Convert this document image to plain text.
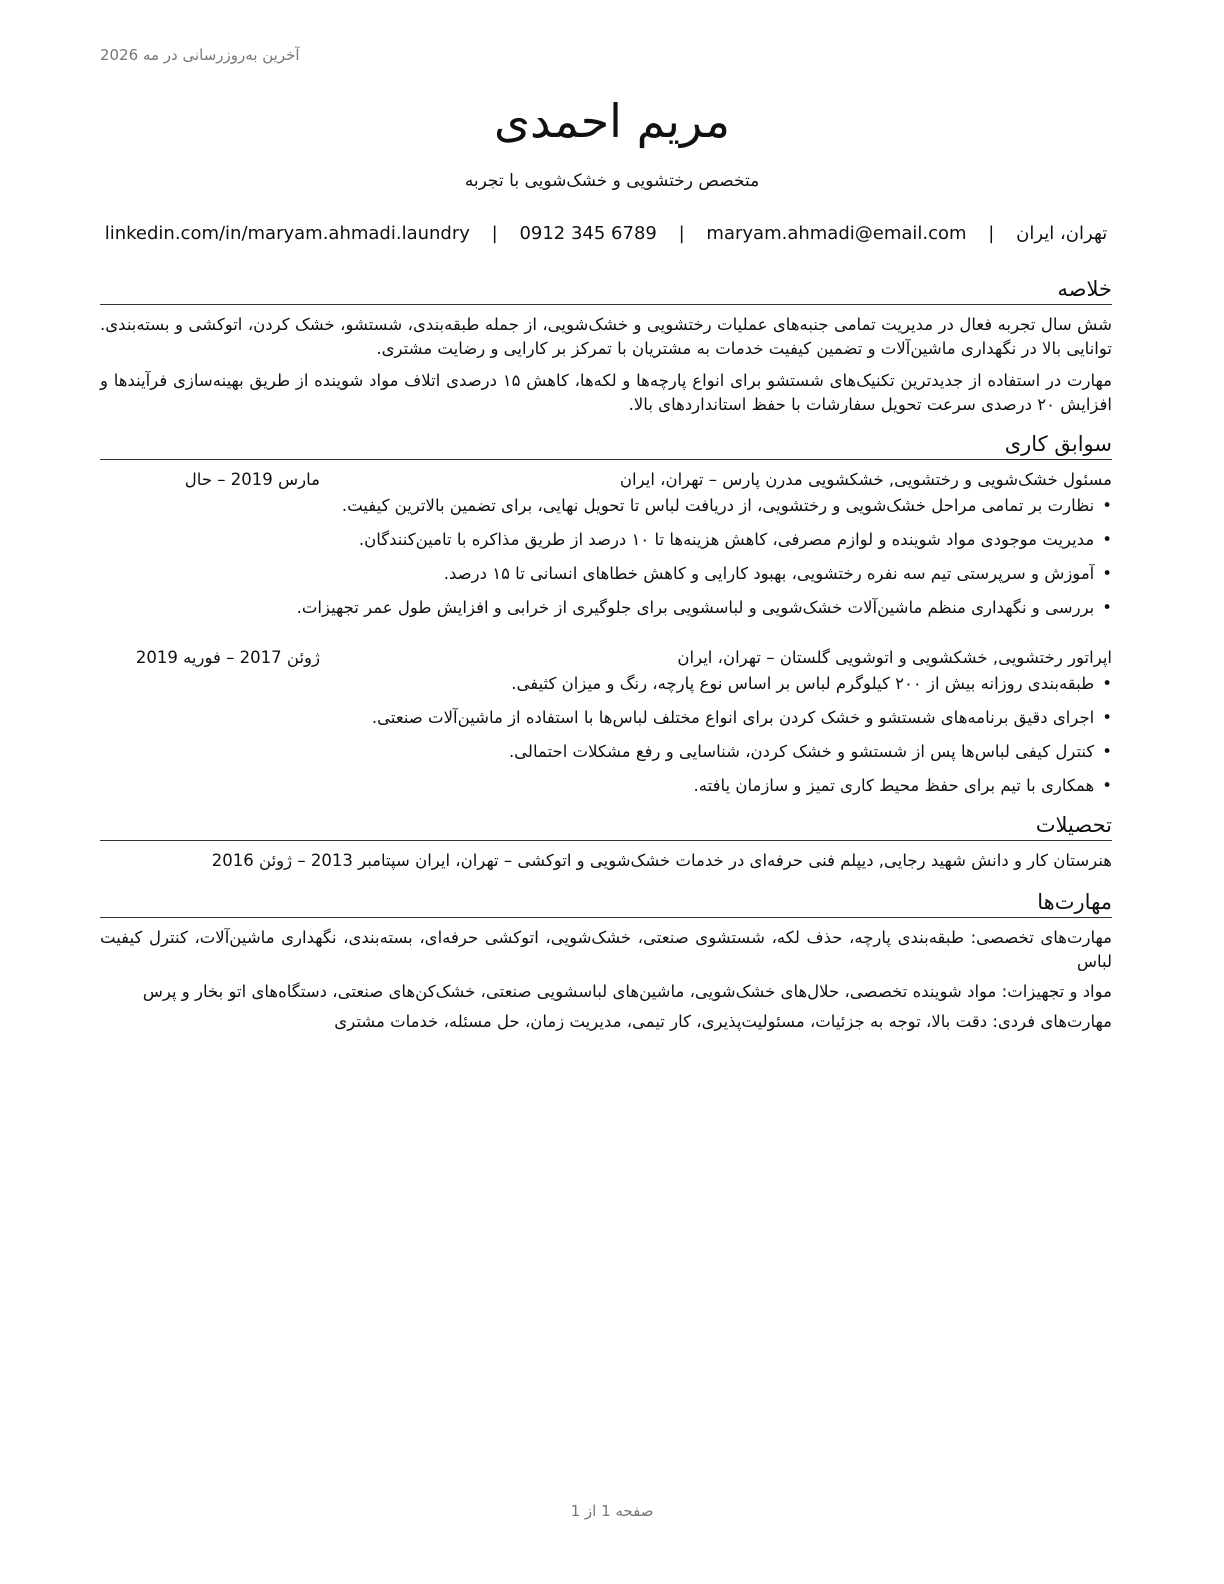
آخرین به‌روزرسانی در مه 2026
مریم احمدی
متخصص رختشویی و خشک‌شویی با تجربه
تهران، ایران | maryam.ahmadi@email.com | 0912 345 6789 | linkedin.com/in/maryam.ahmadi.laundry
خلاصه

شش سال تجربه فعال در مدیریت تمامی جنبه‌های عملیات رختشویی و خشک‌شویی، از جمله طبقه‌بندی، شستشو، خشک کردن، اتوکشی و بسته‌بندی. توانایی بالا در نگهداری ماشین‌آلات و تضمین کیفیت خدمات به مشتریان با تمرکز بر کارایی و رضایت مشتری.

مهارت در استفاده از جدیدترین تکنیک‌های شستشو برای انواع پارچه‌ها و لکه‌ها، کاهش ۱۵ درصدی اتلاف مواد شوینده از طریق بهینه‌سازی فرآیندها و افزایش ۲۰ درصدی سرعت تحویل سفارشات با حفظ استانداردهای بالا.

سوابق کاری
مسئول خشک‌شویی و رختشویی, خشکشویی مدرن پارس – تهران، ایران
مارس 2019 – حال
• نظارت بر تمامی مراحل خشک‌شویی و رختشویی، از دریافت لباس تا تحویل نهایی، برای تضمین بالاترین کیفیت.
• مدیریت موجودی مواد شوینده و لوازم مصرفی، کاهش هزینه‌ها تا ۱۰ درصد از طریق مذاکره با تامین‌کنندگان.
• آموزش و سرپرستی تیم سه نفره رختشویی، بهبود کارایی و کاهش خطاهای انسانی تا ۱۵ درصد.
• بررسی و نگهداری منظم ماشین‌آلات خشک‌شویی و لباسشویی برای جلوگیری از خرابی و افزایش طول عمر تجهیزات.
اپراتور رختشویی, خشکشویی و اتوشویی گلستان – تهران، ایران
ژوئن 2017 – فوریه 2019
• طبقه‌بندی روزانه بیش از ۲۰۰ کیلوگرم لباس بر اساس نوع پارچه، رنگ و میزان کثیفی.
• اجرای دقیق برنامه‌های شستشو و خشک کردن برای انواع مختلف لباس‌ها با استفاده از ماشین‌آلات صنعتی.
• کنترل کیفی لباس‌ها پس از شستشو و خشک کردن، شناسایی و رفع مشکلات احتمالی.
• همکاری با تیم برای حفظ محیط کاری تمیز و سازمان یافته.
تحصیلات
هنرستان کار و دانش شهید رجایی, دیپلم فنی حرفه‌ای در خدمات خشک‌شویی و اتوکشی – تهران، ایران سپتامبر 2013 – ژوئن 2016
مهارت‌ها

مهارت‌های تخصصی: طبقه‌بندی پارچه، حذف لکه، شستشوی صنعتی، خشک‌شویی، اتوکشی حرفه‌ای، بسته‌بندی، نگهداری ماشین‌آلات، کنترل کیفیت لباس

مواد و تجهیزات: مواد شوینده تخصصی، حلال‌های خشک‌شویی، ماشین‌های لباسشویی صنعتی، خشک‌کن‌های صنعتی، دستگاه‌های اتو بخار و پرس

مهارت‌های فردی: دقت بالا، توجه به جزئیات، مسئولیت‌پذیری، کار تیمی، مدیریت زمان، حل مسئله، خدمات مشتری

صفحه 1 از 1
